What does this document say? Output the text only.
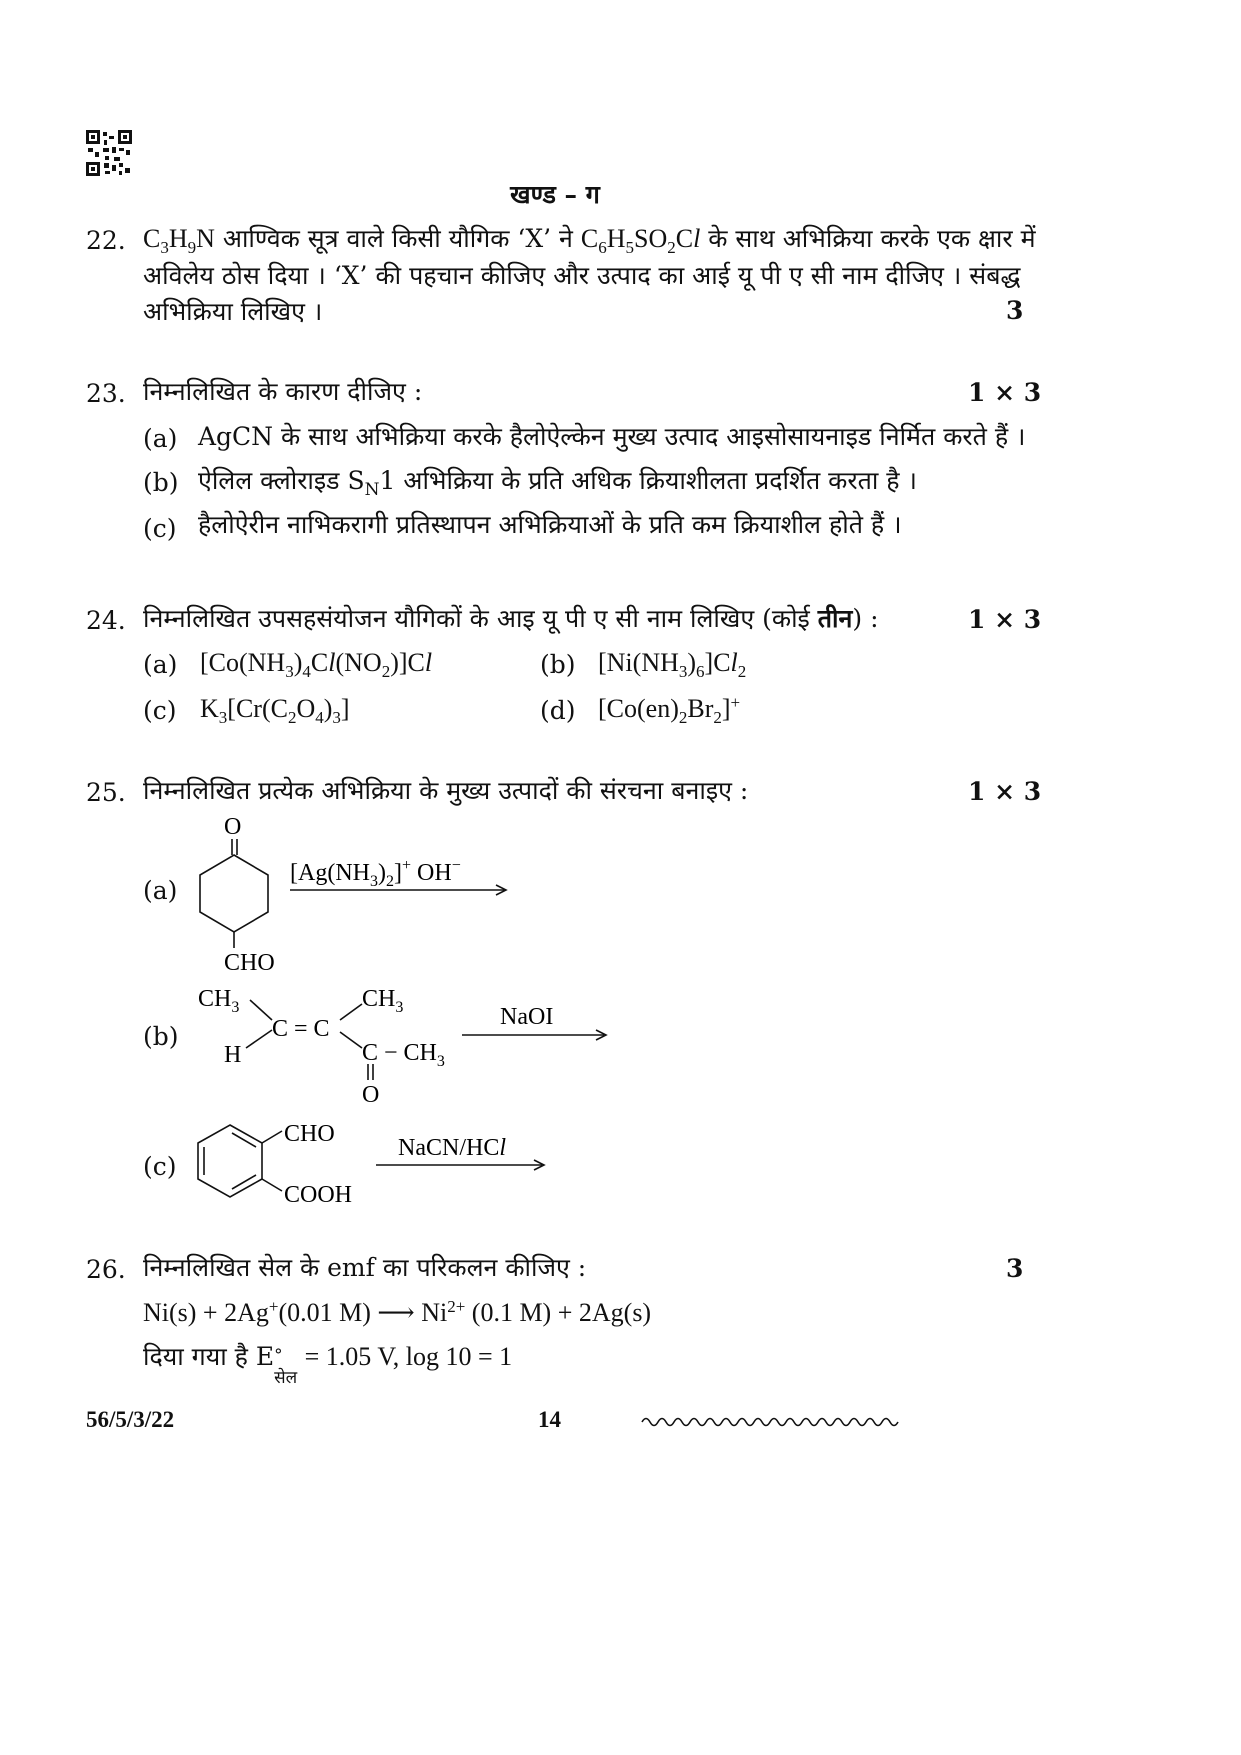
खण्ड – ग
22. $C_3H_9N$ आण्विक सूत्र वाले किसी यौगिक ‘X’ ने $C_6H_5SO_2Cl$ के साथ अभिक्रिया करके एक क्षार में
अविलेय ठोस दिया । ‘X’ की पहचान कीजिए और उत्पाद का आई यू पी ए सी नाम दीजिए । संबद्ध
अभिक्रिया लिखिए ।	3
23. निम्नलिखित के कारण दीजिए :	1 × 3
(a) AgCN के साथ अभिक्रिया करके हैलोऐल्केन मुख्य उत्पाद आइसोसायनाइड निर्मित करते हैं ।
(b) ऐलिल क्लोराइड $S_N1$ अभिक्रिया के प्रति अधिक क्रियाशीलता प्रदर्शित करता है ।
(c) हैलोऐरीन नाभिकरागी प्रतिस्थापन अभिक्रियाओं के प्रति कम क्रियाशील होते हैं ।
24. निम्नलिखित उपसहसंयोजन यौगिकों के आइ यू पी ए सी नाम लिखिए (कोई तीन) :	1 × 3
(a) $[Co(NH_3)_4Cl(NO_2)]Cl$	(b) $[Ni(NH_3)_6]Cl_2$
(c) $K_3[Cr(C_2O_4)_3]$	(d) $[Co(en)_2Br_2]^+$
25. निम्नलिखित प्रत्येक अभिक्रिया के मुख्य उत्पादों की संरचना बनाइए :	1 × 3
(a)
O
CHO
$[Ag(NH_3)_2]^+$ OH−
(b)
$CH_3$
H
C = C
$CH_3$
$C - CH_3$
O
NaOI
(c)
CHO
COOH
NaCN/HCl
26. निम्नलिखित सेल के emf का परिकलन कीजिए :	3
Ni(s) + 2Ag+(0.01 M) ⟶ $Ni^{2+}$ (0.1 M) + 2Ag(s)
दिया गया है E °
सेल
= 1.05 V, log 10 = 1
56/5/3/22	14
